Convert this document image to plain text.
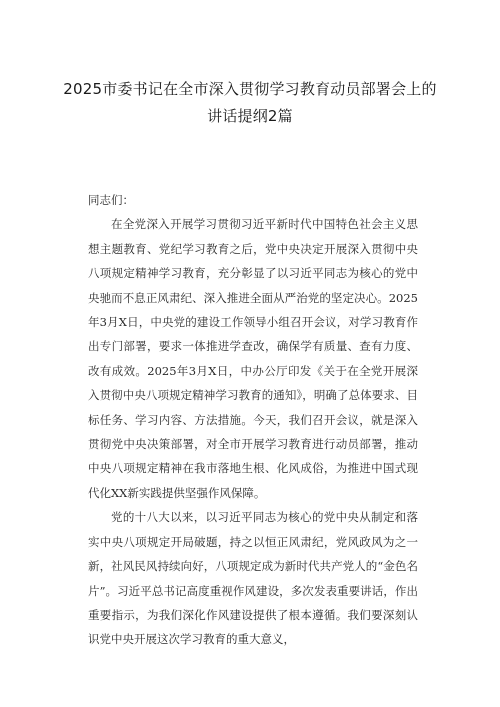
2025市委书记在全市深入贯彻学习教育动员部署会上的讲话提纲2篇

同志们：

在全党深入开展学习贯彻习近平新时代中国特色社会主义思想主题教育、党纪学习教育之后，党中央决定开展深入贯彻中央八项规定精神学习教育，充分彰显了以习近平同志为核心的党中央驰而不息正风肃纪、深入推进全面从严治党的坚定决心。2025年3月X日，中央党的建设工作领导小组召开会议，对学习教育作出专门部署，要求一体推进学查改，确保学有质量、查有力度、改有成效。2025年3月X日，中办公厅印发《关于在全党开展深入贯彻中央八项规定精神学习教育的通知》，明确了总体要求、目标任务、学习内容、方法措施。今天，我们召开会议，就是深入贯彻党中央决策部署，对全市开展学习教育进行动员部署，推动中央八项规定精神在我市落地生根、化风成俗，为推进中国式现代化XX新实践提供坚强作风保障。

党的十八大以来，以习近平同志为核心的党中央从制定和落实中央八项规定开局破题，持之以恒正风肃纪，党风政风为之一新，社风民风持续向好，八项规定成为新时代共产党人的“金色名片”。习近平总书记高度重视作风建设，多次发表重要讲话，作出重要指示，为我们深化作风建设提供了根本遵循。我们要深刻认识党中央开展这次学习教育的重大意义，
